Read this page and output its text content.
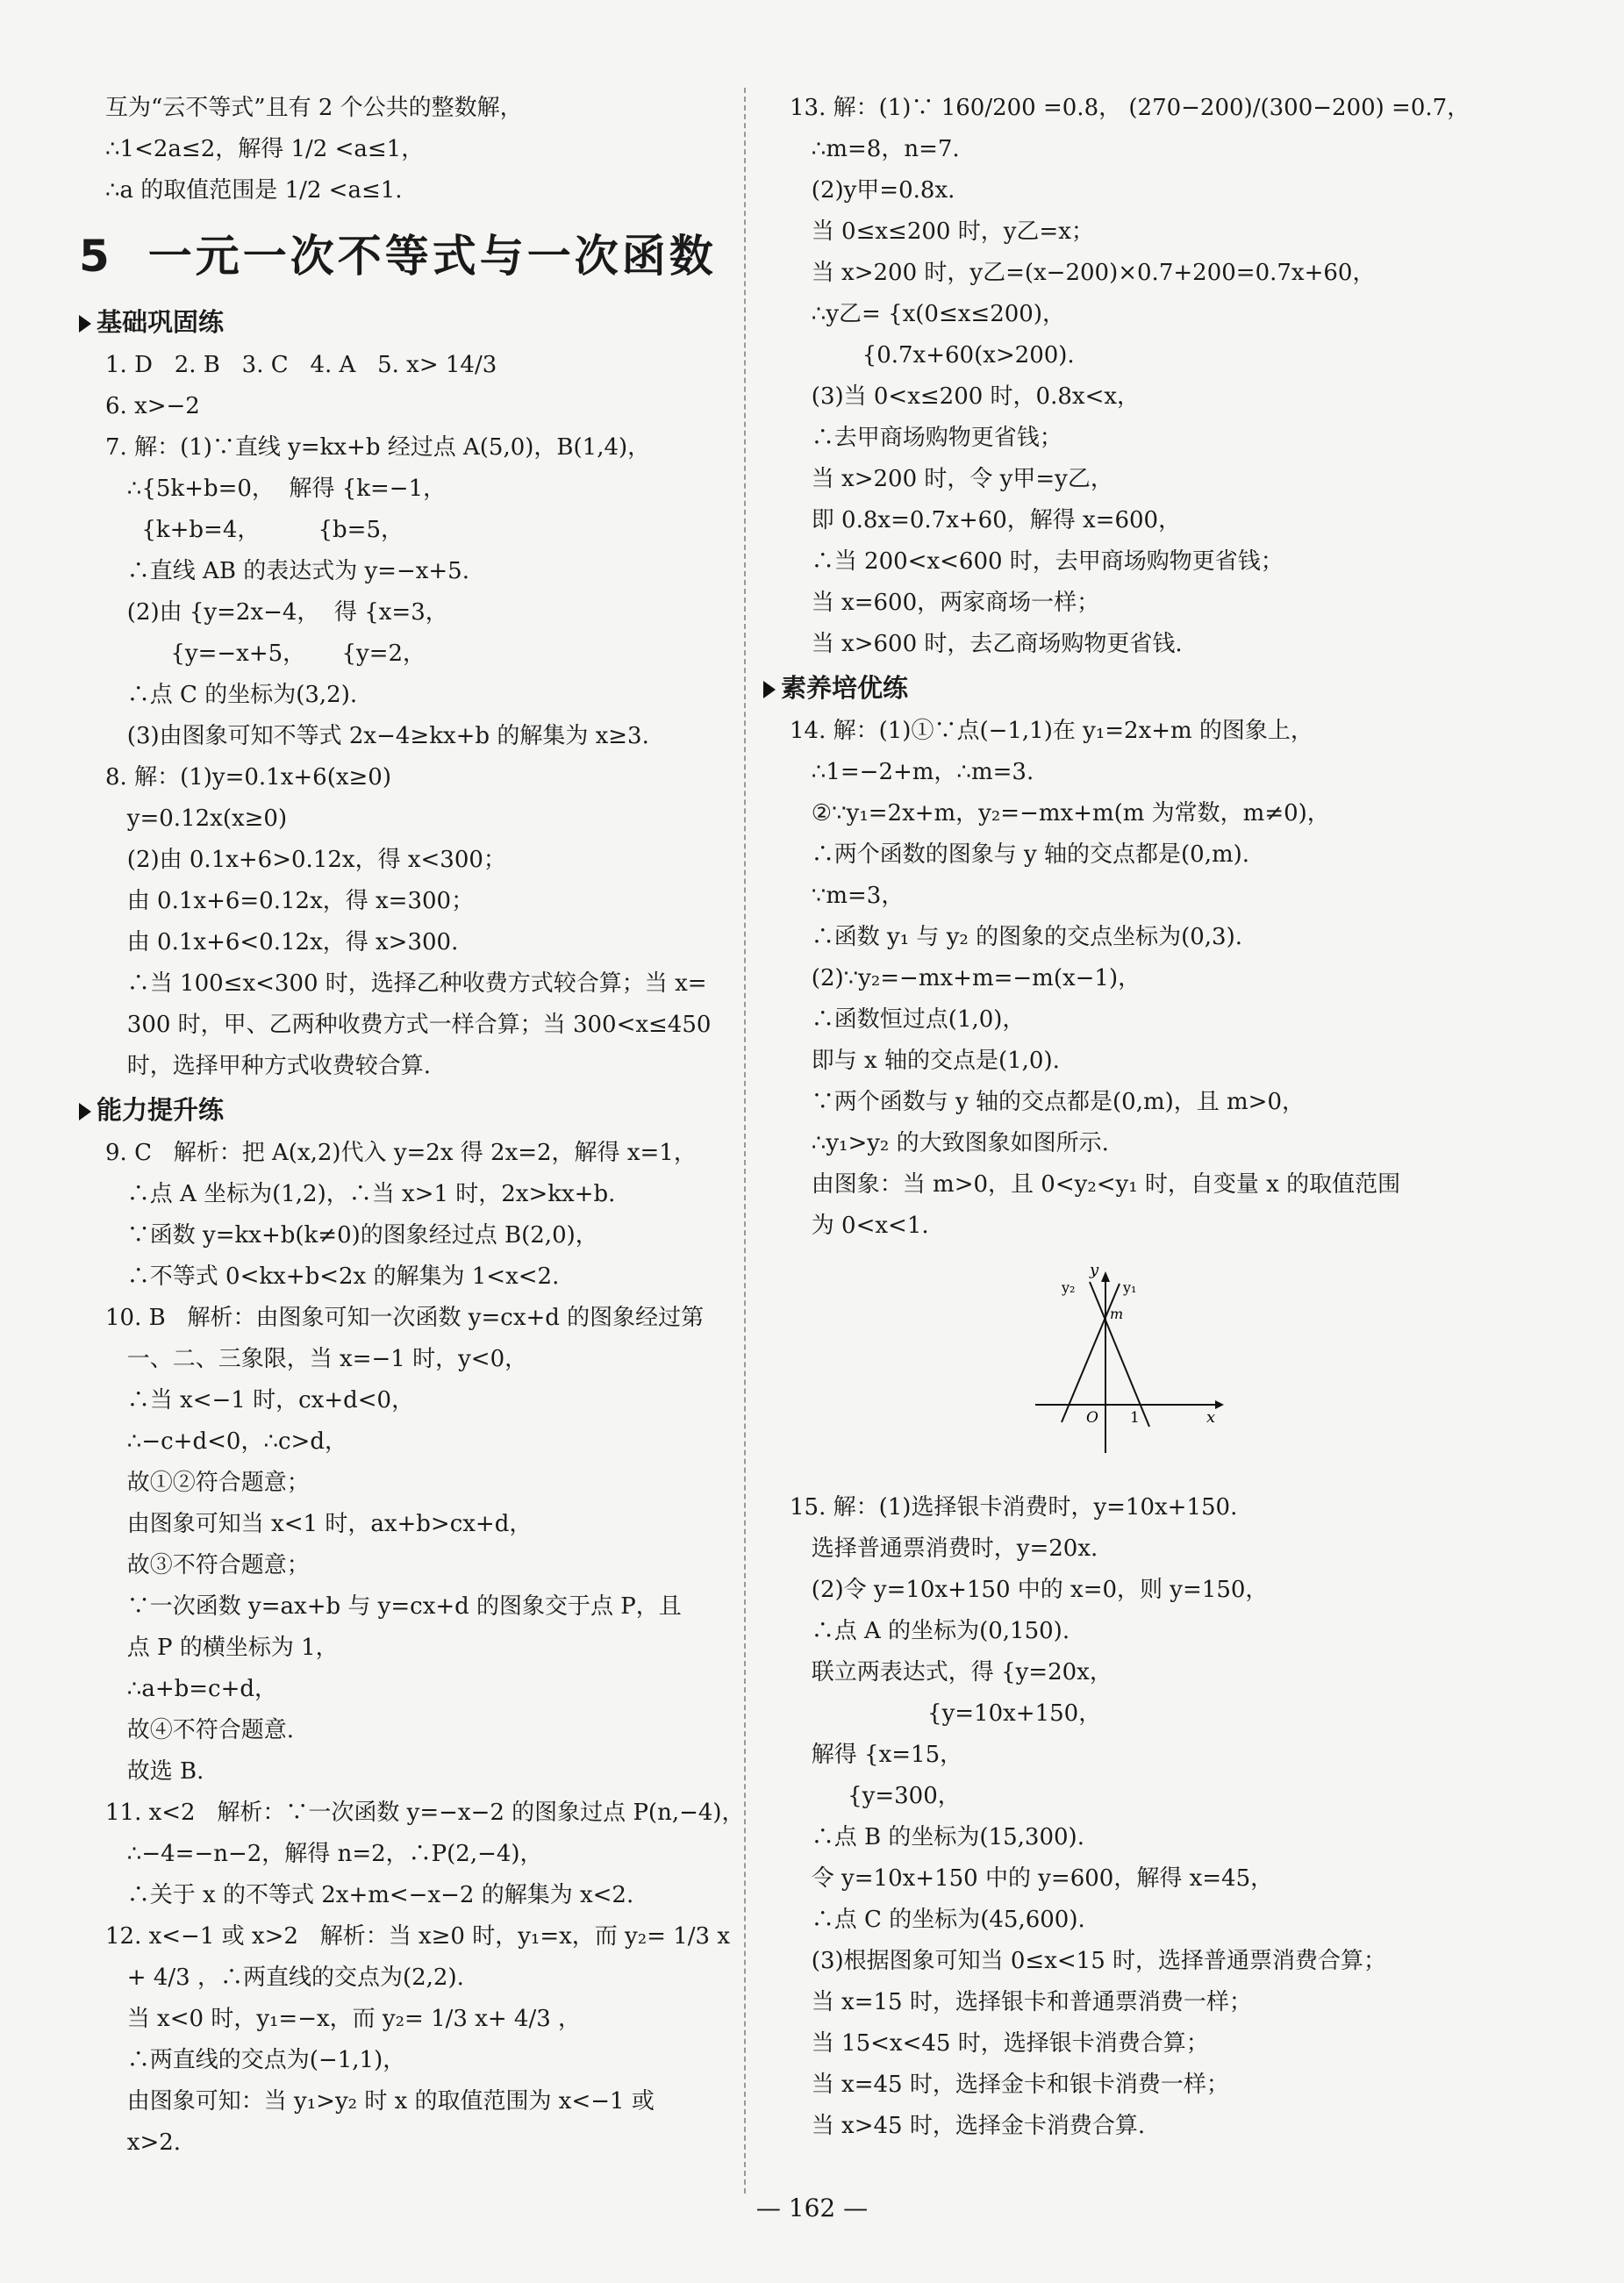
互为“云不等式”且有 2 个公共的整数解，
∴1<2a≤2，解得 1/2 <a≤1，
∴a 的取值范围是 1/2 <a≤1.
5 一元一次不等式与一次函数
基础巩固练
1. D   2. B   3. C   4. A   5. x> 14/3
6. x>−2
7. 解：(1)∵直线 y=kx+b 经过点 A(5,0)，B(1,4)，
∴{5k+b=0，  解得 {k=−1，
{k+b=4，        {b=5，
∴直线 AB 的表达式为 y=−x+5.
(2)由 {y=2x−4，  得 {x=3，
{y=−x+5，     {y=2，
∴点 C 的坐标为(3,2).
(3)由图象可知不等式 2x−4≥kx+b 的解集为 x≥3.
8. 解：(1)y=0.1x+6(x≥0)
y=0.12x(x≥0)
(2)由 0.1x+6>0.12x，得 x<300；
由 0.1x+6=0.12x，得 x=300；
由 0.1x+6<0.12x，得 x>300.
∴当 100≤x<300 时，选择乙种收费方式较合算；当 x=
300 时，甲、乙两种收费方式一样合算；当 300<x≤450
时，选择甲种方式收费较合算.
能力提升练
9. C   解析：把 A(x,2)代入 y=2x 得 2x=2，解得 x=1，
∴点 A 坐标为(1,2)，∴当 x>1 时，2x>kx+b.
∵函数 y=kx+b(k≠0)的图象经过点 B(2,0)，
∴不等式 0<kx+b<2x 的解集为 1<x<2.
10. B   解析：由图象可知一次函数 y=cx+d 的图象经过第
一、二、三象限，当 x=−1 时，y<0，
∴当 x<−1 时，cx+d<0，
∴−c+d<0，∴c>d，
故①②符合题意；
由图象可知当 x<1 时，ax+b>cx+d，
故③不符合题意；
∵一次函数 y=ax+b 与 y=cx+d 的图象交于点 P，且
点 P 的横坐标为 1，
∴a+b=c+d，
故④不符合题意.
故选 B.
11. x<2   解析：∵一次函数 y=−x−2 的图象过点 P(n,−4)，
∴−4=−n−2，解得 n=2，∴P(2,−4)，
∴关于 x 的不等式 2x+m<−x−2 的解集为 x<2.
12. x<−1 或 x>2   解析：当 x≥0 时，y₁=x，而 y₂= 1/3 x
+ 4/3 ，∴两直线的交点为(2,2).
当 x<0 时，y₁=−x，而 y₂= 1/3 x+ 4/3 ，
∴两直线的交点为(−1,1)，
由图象可知：当 y₁>y₂ 时 x 的取值范围为 x<−1 或
x>2.
13. 解：(1)∵ 160/200 =0.8， (270−200)/(300−200) =0.7，
∴m=8，n=7.
(2)y甲=0.8x.
当 0≤x≤200 时，y乙=x；
当 x>200 时，y乙=(x−200)×0.7+200=0.7x+60，
∴y乙= {x(0≤x≤200)，
{0.7x+60(x>200).
(3)当 0<x≤200 时，0.8x<x，
∴去甲商场购物更省钱；
当 x>200 时，令 y甲=y乙，
即 0.8x=0.7x+60，解得 x=600，
∴当 200<x<600 时，去甲商场购物更省钱；
当 x=600，两家商场一样；
当 x>600 时，去乙商场购物更省钱.
素养培优练
14. 解：(1)①∵点(−1,1)在 y₁=2x+m 的图象上，
∴1=−2+m，∴m=3.
②∵y₁=2x+m，y₂=−mx+m(m 为常数，m≠0)，
∴两个函数的图象与 y 轴的交点都是(0,m).
∵m=3，
∴函数 y₁ 与 y₂ 的图象的交点坐标为(0,3).
(2)∵y₂=−mx+m=−m(x−1)，
∴函数恒过点(1,0)，
即与 x 轴的交点是(1,0).
∵两个函数与 y 轴的交点都是(0,m)，且 m>0，
∴y₁>y₂ 的大致图象如图所示.
由图象：当 m>0，且 0<y₂<y₁ 时，自变量 x 的取值范围
为 0<x<1.
y
y₁
y₂
m
O 1	x
15. 解：(1)选择银卡消费时，y=10x+150.
选择普通票消费时，y=20x.
(2)令 y=10x+150 中的 x=0，则 y=150，
∴点 A 的坐标为(0,150).
联立两表达式，得 {y=20x，
{y=10x+150，
解得 {x=15，
{y=300，
∴点 B 的坐标为(15,300).
令 y=10x+150 中的 y=600，解得 x=45，
∴点 C 的坐标为(45,600).
(3)根据图象可知当 0≤x<15 时，选择普通票消费合算；
当 x=15 时，选择银卡和普通票消费一样；
当 15<x<45 时，选择银卡消费合算；
当 x=45 时，选择金卡和银卡消费一样；
当 x>45 时，选择金卡消费合算.
— 162 —
